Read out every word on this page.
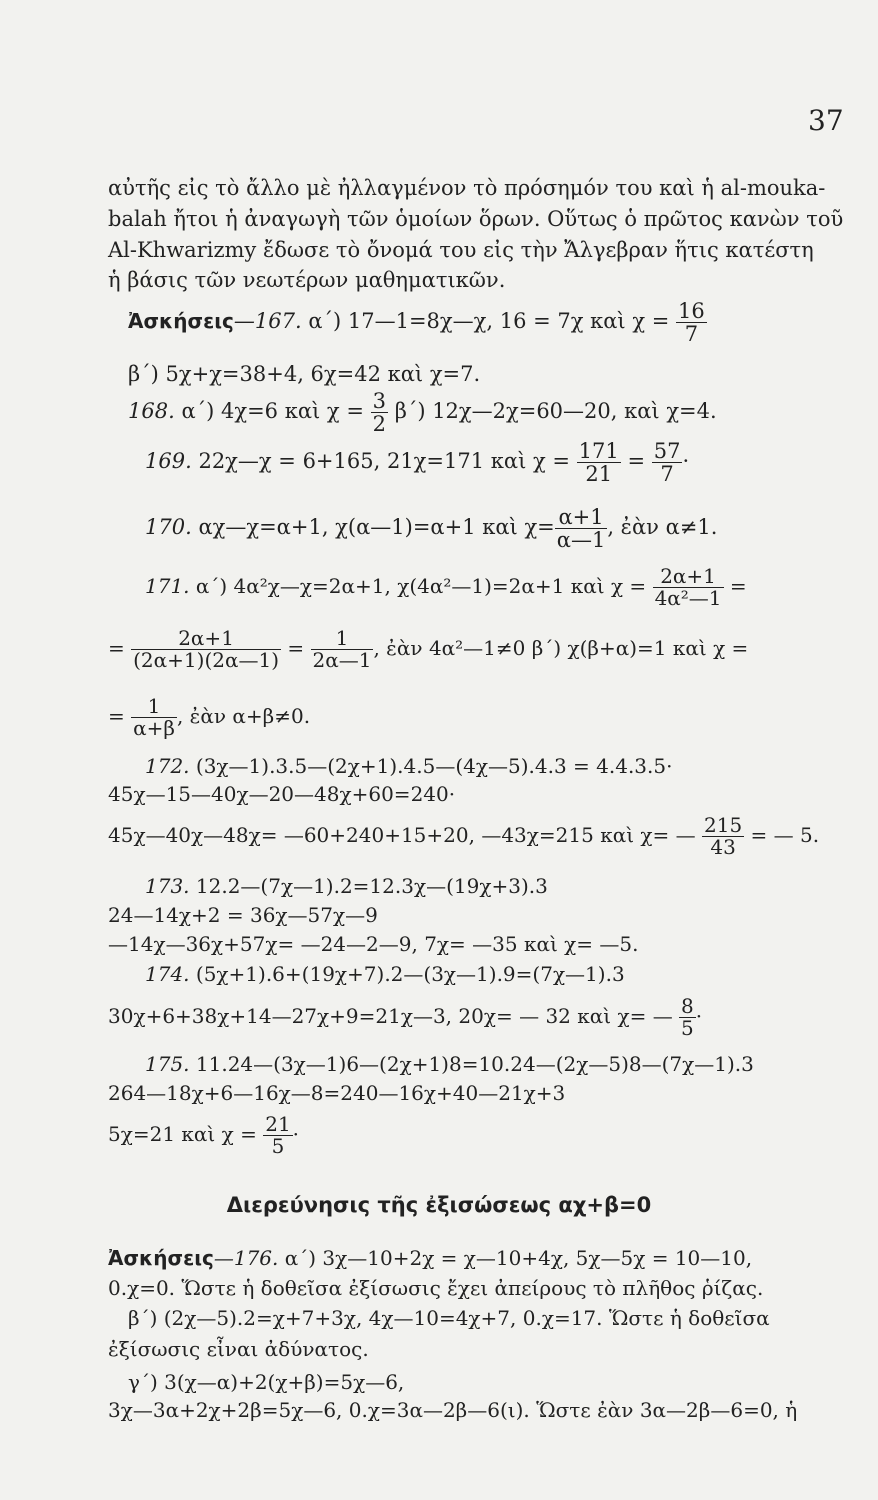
37
αὐτῆς εἰς τὸ ἄλλο μὲ ἠλλαγμένον τὸ πρόσημόν του καὶ ἡ al-mouka-
balah ἤτοι ἡ ἀναγωγὴ τῶν ὁμοίων ὅρων. Οὕτως ὁ πρῶτος κανὼν τοῦ
Al-Khwarizmy ἔδωσε τὸ ὄνομά του εἰς τὴν Ἄλγεβραν ἥτις κατέστη
ἡ βάσις τῶν νεωτέρων μαθηματικῶν.
Ἀσκήσεις—167. α΄) 17—1=8χ—χ, 16 = 7χ καὶ $\chi = \frac{16}{7}$
β΄) 5χ+χ=38+4, 6χ=42 καὶ χ=7.
168. α΄) 4χ=6 καὶ $\chi = \frac{3}{2} \beta΄$) 12χ—2χ=60—20, καὶ χ=4.
169. 22χ—χ = 6+165, 21χ=171 καὶ $\chi = \frac{171}{21} = \frac{57}{7}$ ·
170. αχ—χ=α+1, χ(α—1)=α+1 καὶ $\chi= \frac{\alpha+1}{\alpha—1}$ , ἐὰν α≠1.
171. α΄) 4α²χ—χ=2α+1, χ(4α²—1)=2α+1 καὶ $\chi = \frac{2\alpha+1}{\text{4α²—1}}$ =
= $\frac{2\alpha+1}{(2\alpha+1)(2\alpha—1)} = \frac{1}{2\alpha—1}$ , ἐὰν 4α²—1≠0 β΄) χ(β+α)=1 καὶ χ =
= $\frac{1}{\alpha+\beta}$ , ἐὰν α+β≠0.
172. (3χ—1).3.5—(2χ+1).4.5—(4χ—5).4.3 = 4.4.3.5·
45χ—15—40χ—20—48χ+60=240·
45χ—40χ—48χ= —60+240+15+20, —43χ=215 καὶ χ= — $\frac{215}{43}$ = — 5.
173. 12.2—(7χ—1).2=12.3χ—(19χ+3).3
24—14χ+2 = 36χ—57χ—9
—14χ—36χ+57χ= —24—2—9, 7χ= —35 καὶ χ= —5.
174. (5χ+1).6+(19χ+7).2—(3χ—1).9=(7χ—1).3
30χ+6+38χ+14—27χ+9=21χ—3, 20χ= — 32 καὶ χ= — $\frac{8}{5}$ ·
175. 11.24—(3χ—1)6—(2χ+1)8=10.24—(2χ—5)8—(7χ—1).3
264—18χ+6—16χ—8=240—16χ+40—21χ+3
5χ=21 καὶ $\chi = \frac{21}{5}$ ·
Διερεύνησις τῆς ἐξισώσεως αχ+β=0
Ἀσκήσεις—176. α΄) 3χ—10+2χ = χ—10+4χ, 5χ—5χ = 10—10,
0.χ=0. Ὥστε ἡ δοθεῖσα ἐξίσωσις ἔχει ἀπείρους τὸ πλῆθος ῥίζας.
β΄) (2χ—5).2=χ+7+3χ, 4χ—10=4χ+7, 0.χ=17. Ὥστε ἡ δοθεῖσα
ἐξίσωσις εἶναι ἀδύνατος.
γ΄) 3(χ—α)+2(χ+β)=5χ—6,
3χ—3α+2χ+2β=5χ—6, 0.χ=3α—2β—6(ι). Ὥστε ἐὰν 3α—2β—6=0, ἡ
